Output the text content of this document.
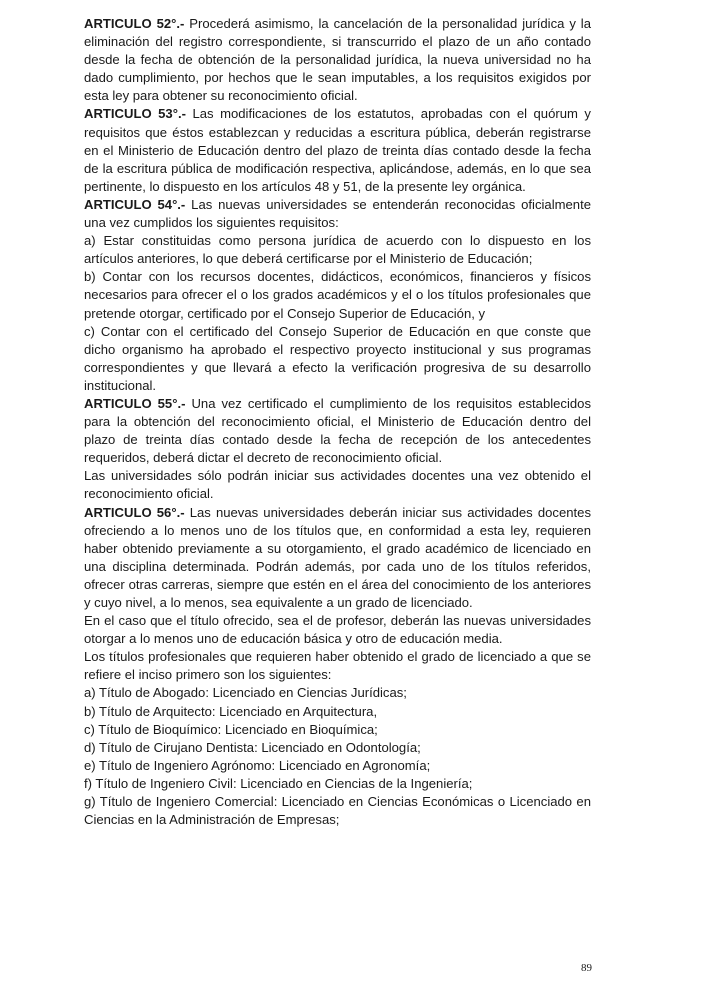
ARTICULO 52°.- Procederá asimismo, la cancelación de la personalidad jurídica y la eliminación del registro correspondiente, si transcurrido el plazo de un año contado desde la fecha de obtención de la personalidad jurídica, la nueva universidad no ha dado cumplimiento, por hechos que le sean imputables, a los requisitos exigidos por esta ley para obtener su reconocimiento oficial.

ARTICULO 53°.- Las modificaciones de los estatutos, aprobadas con el quórum y requisitos que éstos establezcan y reducidas a escritura pública, deberán registrarse en el Ministerio de Educación dentro del plazo de treinta días contado desde la fecha de la escritura pública de modificación respectiva, aplicándose, además, en lo que sea pertinente, lo dispuesto en los artículos 48 y 51, de la presente ley orgánica.

ARTICULO 54°.- Las nuevas universidades se entenderán reconocidas oficialmente una vez cumplidos los siguientes requisitos:

a) Estar constituidas como persona jurídica de acuerdo con lo dispuesto en los artículos anteriores, lo que deberá certificarse por el Ministerio de Educación;

b) Contar con los recursos docentes, didácticos, económicos, financieros y físicos necesarios para ofrecer el o los grados académicos y el o los títulos profesionales que pretende otorgar, certificado por el Consejo Superior de Educación, y

c) Contar con el certificado del Consejo Superior de Educación en que conste que dicho organismo ha aprobado el respectivo proyecto institucional y sus programas correspondientes y que llevará a efecto la verificación progresiva de su desarrollo institucional.

ARTICULO 55°.- Una vez certificado el cumplimiento de los requisitos establecidos para la obtención del reconocimiento oficial, el Ministerio de Educación dentro del plazo de treinta días contado desde la fecha de recepción de los antecedentes requeridos, deberá dictar el decreto de reconocimiento oficial.

Las universidades sólo podrán iniciar sus actividades docentes una vez obtenido el reconocimiento oficial.

ARTICULO 56°.- Las nuevas universidades deberán iniciar sus actividades docentes ofreciendo a lo menos uno de los títulos que, en conformidad a esta ley, requieren haber obtenido previamente a su otorgamiento, el grado académico de licenciado en una disciplina determinada. Podrán además, por cada uno de los títulos referidos, ofrecer otras carreras, siempre que estén en el área del conocimiento de los anteriores y cuyo nivel, a lo menos, sea equivalente a un grado de licenciado.

En el caso que el título ofrecido, sea el de profesor, deberán las nuevas universidades otorgar a lo menos uno de educación básica y otro de educación media.

Los títulos profesionales que requieren haber obtenido el grado de licenciado a que se refiere el inciso primero son los siguientes:

a) Título de Abogado: Licenciado en Ciencias Jurídicas;

b) Título de Arquitecto: Licenciado en Arquitectura,

c) Título de Bioquímico: Licenciado en Bioquímica;

d) Título de Cirujano Dentista: Licenciado en Odontología;

e) Título de Ingeniero Agrónomo: Licenciado en Agronomía;

f) Título de Ingeniero Civil: Licenciado en Ciencias de la Ingeniería;

g) Título de Ingeniero Comercial: Licenciado en Ciencias Económicas o Licenciado en Ciencias en la Administración de Empresas;

89
